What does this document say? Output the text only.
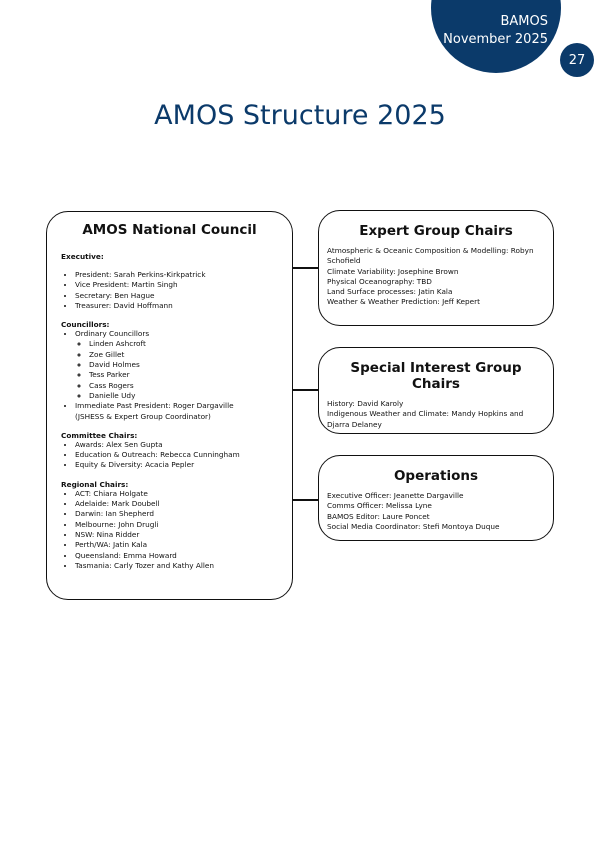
BAMOS
November 2025
27
AMOS Structure 2025
AMOS National Council
Executive:
• President: Sarah Perkins-Kirkpatrick
• Vice President: Martin Singh
• Secretary: Ben Hague
• Treasurer: David Hoffmann
Councillors:
• Ordinary Councillors
◦ Linden Ashcroft
◦ Zoe Gillet
◦ David Holmes
◦ Tess Parker
◦ Cass Rogers
◦ Danielle Udy
• Immediate Past President: Roger Dargaville
(JSHESS & Expert Group Coordinator)
Committee Chairs:
• Awards: Alex Sen Gupta
• Education & Outreach: Rebecca Cunningham
• Equity & Diversity: Acacia Pepler
Regional Chairs:
• ACT: Chiara Holgate
• Adelaide: Mark Doubell
• Darwin: Ian Shepherd
• Melbourne: John Drugli
• NSW: Nina Ridder
• Perth/WA: Jatin Kala
• Queensland: Emma Howard
• Tasmania: Carly Tozer and Kathy Allen
Expert Group Chairs
Atmospheric & Oceanic Composition & Modelling: Robyn Schofield
Climate Variability: Josephine Brown
Physical Oceanography: TBD
Land Surface processes: Jatin Kala
Weather & Weather Prediction: Jeff Kepert
Special Interest Group Chairs
History: David Karoly
Indigenous Weather and Climate: Mandy Hopkins and Djarra Delaney
Operations
Executive Officer: Jeanette Dargaville
Comms Officer: Melissa Lyne
BAMOS Editor: Laure Poncet
Social Media Coordinator: Stefi Montoya Duque
